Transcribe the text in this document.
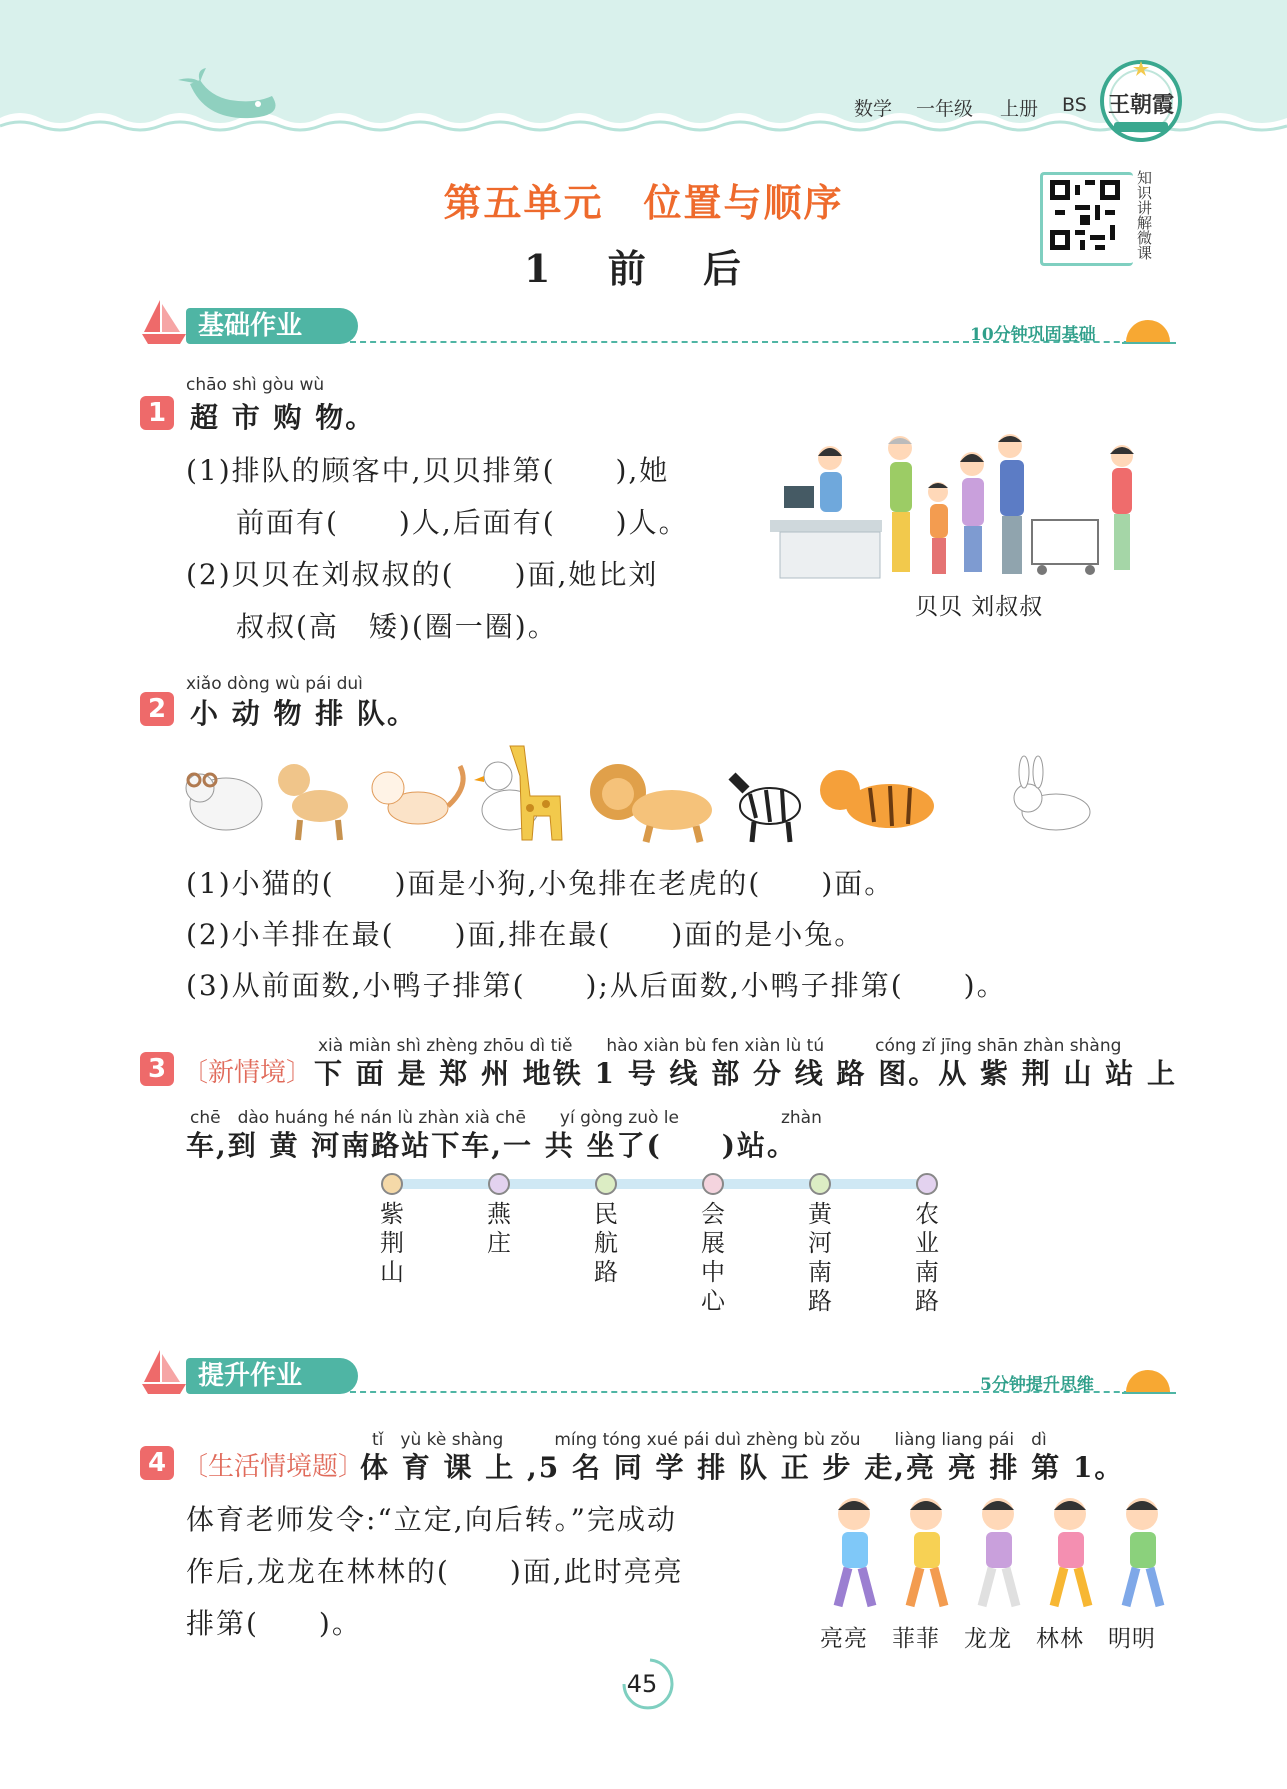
数学 一年级 上册 BS 王朝霞
第五单元　位置与顺序
1 前 后
知识讲解微课
基础作业	10分钟巩固基础
chāo shì gòu wù
1 超 市 购 物。
(1)排队的顾客中,贝贝排第(　　),她
前面有(　　)人,后面有(　　)人。
(2)贝贝在刘叔叔的(　　)面,她比刘
叔叔(高　矮)(圈一圈)。
贝贝 刘叔叔
xiǎo dòng wù pái duì
2 小 动 物 排 队。
(1)小猫的(　　)面是小狗,小兔排在老虎的(　　)面。
(2)小羊排在最(　　)面,排在最(　　)面的是小兔。
(3)从前面数,小鸭子排第(　　);从后面数,小鸭子排第(　　)。
xià miàn shì zhèng zhōu dì tiě　　hào xiàn bù fen xiàn lù tú　　　cóng zǐ jīng shān zhàn shàng
3 〔新情境〕 下 面 是 郑 州 地铁 1 号 线 部 分 线 路 图。从 紫 荆 山 站 上
chē　dào huáng hé nán lù zhàn xià chē　　yí gòng zuò le　　　　　　zhàn
车,到 黄 河南路站下车,一 共 坐了(　　)站。
紫荆山
燕庄
民航路
会展中心
黄河南路
农业南路
提升作业	5分钟提升思维
tǐ　yù kè shàng　　　míng tóng xué pái duì zhèng bù zǒu　　liàng liang pái　dì
4 〔生活情境题〕
体 育 课 上 ,5 名 同 学 排 队 正 步 走,亮 亮 排 第 1。
体育老师发令:“立定,向后转。”完成动
作后,龙龙在林林的(　　)面,此时亮亮
排第(　　)。	亮亮 菲菲 龙龙 林林 明明
45
